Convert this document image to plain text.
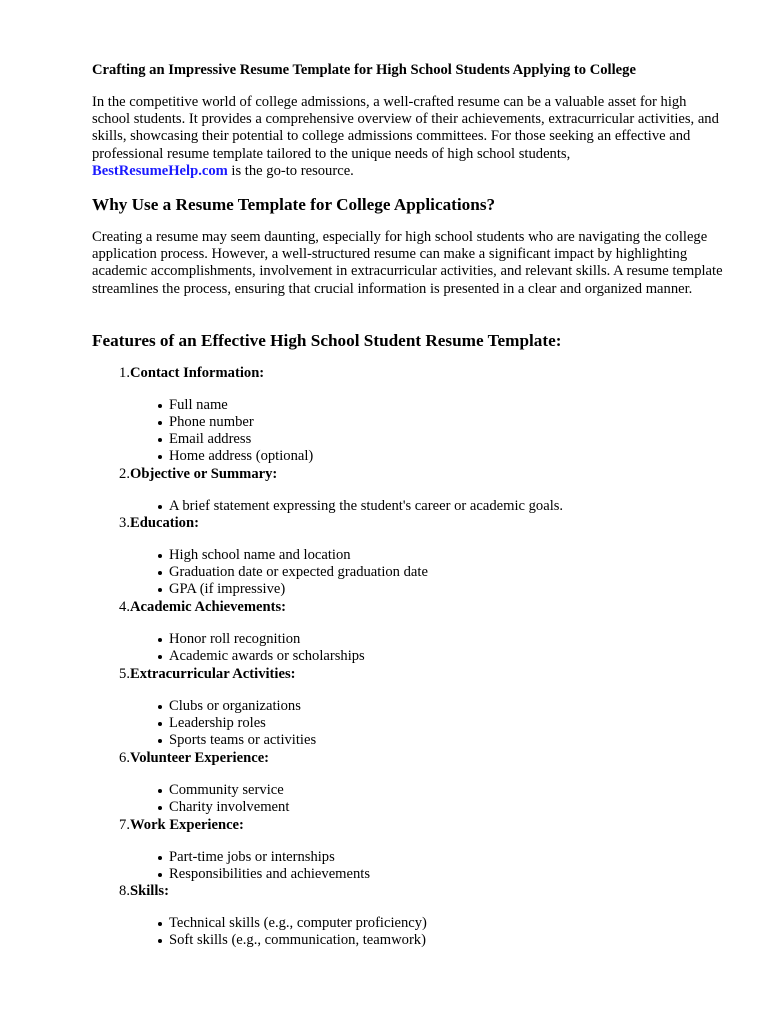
Crafting an Impressive Resume Template for High School Students Applying to College

In the competitive world of college admissions, a well-crafted resume can be a valuable asset for high school students. It provides a comprehensive overview of their achievements, extracurricular activities, and skills, showcasing their potential to college admissions committees. For those seeking an effective and professional resume template tailored to the unique needs of high school students,
BestResumeHelp.com is the go-to resource.

Why Use a Resume Template for College Applications?

Creating a resume may seem daunting, especially for high school students who are navigating the college application process. However, a well-structured resume can make a significant impact by highlighting academic accomplishments, involvement in extracurricular activities, and relevant skills. A resume template streamlines the process, ensuring that crucial information is presented in a clear and organized manner.

Features of an Effective High School Student Resume Template:
1. Contact Information:
Full name
Phone number
Email address
Home address (optional)
2. Objective or Summary:
A brief statement expressing the student's career or academic goals.
3. Education:
High school name and location
Graduation date or expected graduation date
GPA (if impressive)
4. Academic Achievements:
Honor roll recognition
Academic awards or scholarships
5. Extracurricular Activities:
Clubs or organizations
Leadership roles
Sports teams or activities
6. Volunteer Experience:
Community service
Charity involvement
7. Work Experience:
Part-time jobs or internships
Responsibilities and achievements
8. Skills:
Technical skills (e.g., computer proficiency)
Soft skills (e.g., communication, teamwork)
